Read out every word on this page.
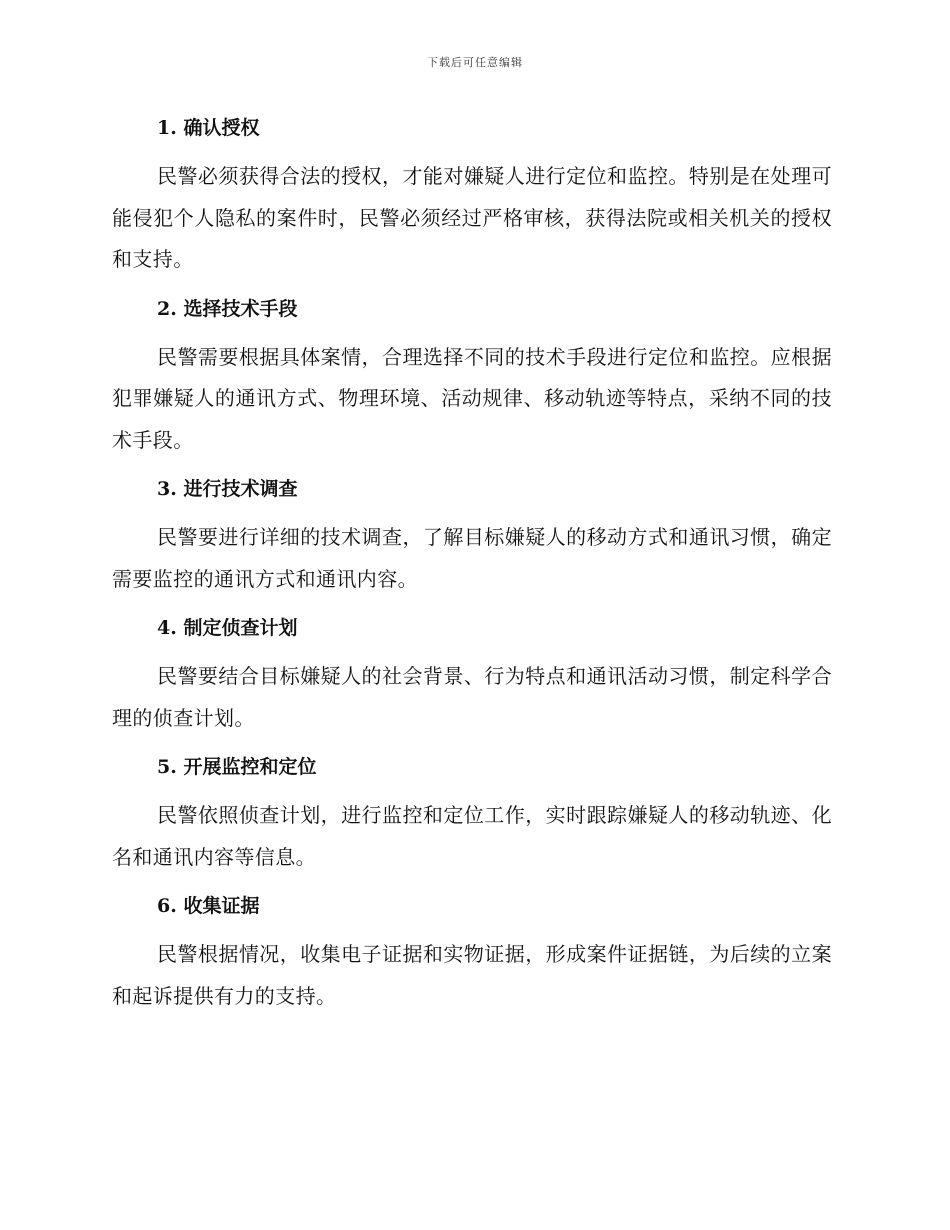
下载后可任意编辑
1. 确认授权

民警必须获得合法的授权，才能对嫌疑人进行定位和监控。特别是在处理可能侵犯个人隐私的案件时，民警必须经过严格审核，获得法院或相关机关的授权和支持。

2. 选择技术手段

民警需要根据具体案情，合理选择不同的技术手段进行定位和监控。应根据犯罪嫌疑人的通讯方式、物理环境、活动规律、移动轨迹等特点，采纳不同的技术手段。

3. 进行技术调查

民警要进行详细的技术调查，了解目标嫌疑人的移动方式和通讯习惯，确定需要监控的通讯方式和通讯内容。

4. 制定侦查计划

民警要结合目标嫌疑人的社会背景、行为特点和通讯活动习惯，制定科学合理的侦查计划。

5. 开展监控和定位

民警依照侦查计划，进行监控和定位工作，实时跟踪嫌疑人的移动轨迹、化名和通讯内容等信息。

6. 收集证据

民警根据情况，收集电子证据和实物证据，形成案件证据链，为后续的立案和起诉提供有力的支持。
